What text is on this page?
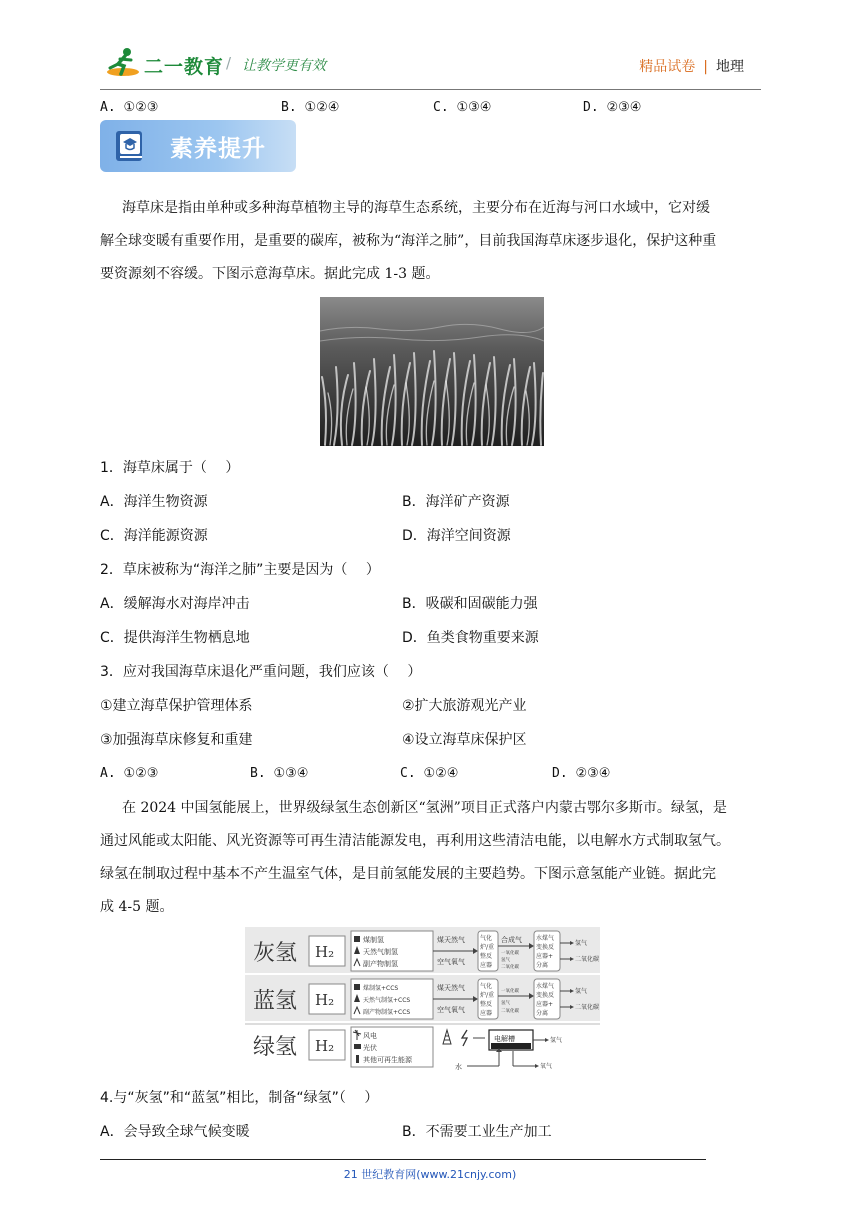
二一教育 / 让教学更有效	精品试卷 | 地理
A. ①②③	B. ①②④	C. ①③④	D. ②③④
素养提升
海草床是指由单种或多种海草植物主导的海草生态系统，主要分布在近海与河口水域中，它对缓
解全球变暖有重要作用，是重要的碳库，被称为“海洋之肺”，目前我国海草床逐步退化，保护这种重
要资源刻不容缓。下图示意海草床。据此完成 1-3 题。
1．海草床属于（　 ）
A．海洋生物资源	B．海洋矿产资源
C．海洋能源资源	D．海洋空间资源
2．草床被称为“海洋之肺”主要是因为（　 ）
A．缓解海水对海岸冲击	B．吸碳和固碳能力强
C．提供海洋生物栖息地	D．鱼类食物重要来源
3．应对我国海草床退化严重问题，我们应该（　 ）
①建立海草保护管理体系	②扩大旅游观光产业
③加强海草床修复和重建	④设立海草床保护区
A. ①②③	B. ①③④	C. ①②④	D. ②③④
在 2024 中国氢能展上，世界级绿氢生态创新区“氢洲”项目正式落户内蒙古鄂尔多斯市。绿氢，是
通过风能或太阳能、风光资源等可再生清洁能源发电，再利用这些清洁电能，以电解水方式制取氢气。
绿氢在制取过程中基本不产生温室气体，是目前氢能发展的主要趋势。下图示意氢能产业链。据此完
成 4-5 题。
灰氢 H₂
煤制氢
天然气制氢
副产物制氢
煤天然气
空气氧气
气化
炉/重
整反
应器
合成气
一氧化碳
氢气
二氧化碳
水煤气
变换反
应器+
分离
氢气
二氧化碳
蓝氢 H₂
煤制氢+CCS
天然气制氢+CCS
副产物制氢+CCS
煤天然气
空气氧气
气化
炉/重
整反
应器
一氧化碳
氢气
二氧化碳
水煤气
变换反
应器+
分离
氢气
二氧化碳
绿氢 H₂
风电
光伏
其他可再生能源
电解槽
水
氢气
氧气
4.与“灰氢”和“蓝氢”相比，制备“绿氢”（　 ）
A．会导致全球气候变暖	B．不需要工业生产加工
21 世纪教育网(www.21cnjy.com)
